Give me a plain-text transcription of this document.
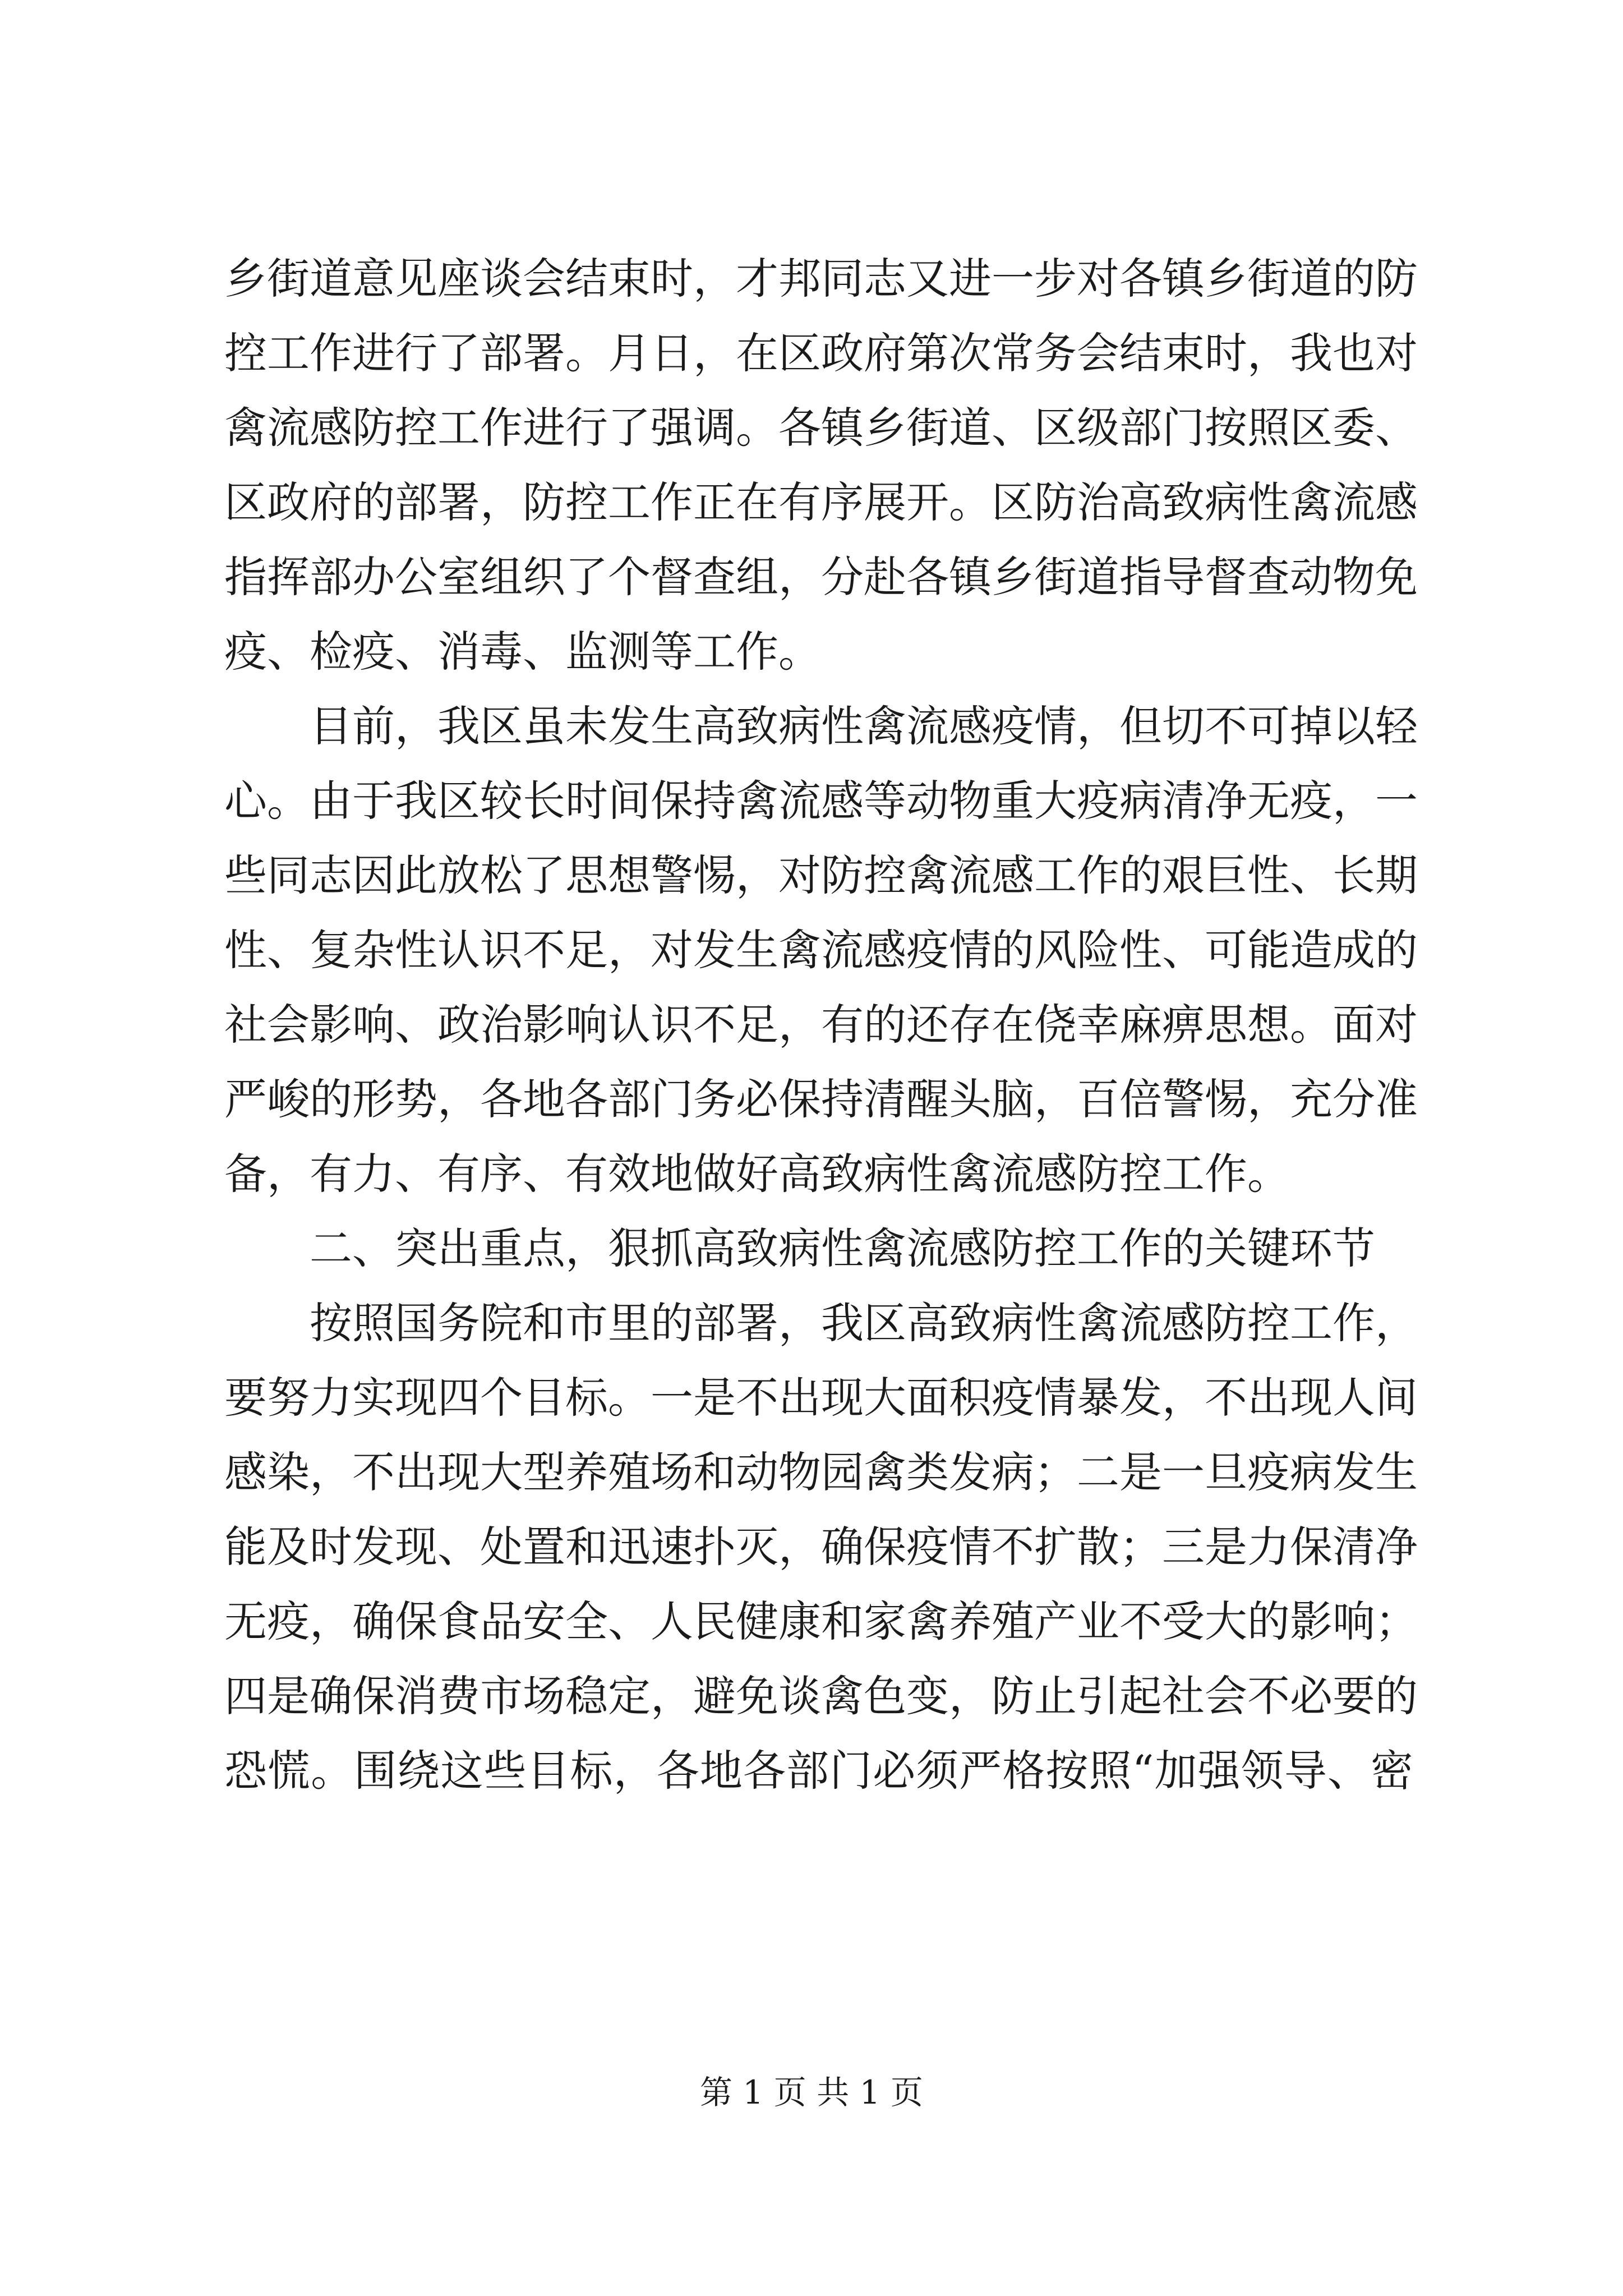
乡街道意见座谈会结束时，才邦同志又进一步对各镇乡街道的防
控工作进行了部署。月日，在区政府第次常务会结束时，我也对
禽流感防控工作进行了强调。各镇乡街道、区级部门按照区委、
区政府的部署，防控工作正在有序展开。区防治高致病性禽流感
指挥部办公室组织了个督查组，分赴各镇乡街道指导督查动物免
疫、检疫、消毒、监测等工作。
目前，我区虽未发生高致病性禽流感疫情，但切不可掉以轻
心。由于我区较长时间保持禽流感等动物重大疫病清净无疫，一
些同志因此放松了思想警惕，对防控禽流感工作的艰巨性、长期
性、复杂性认识不足，对发生禽流感疫情的风险性、可能造成的
社会影响、政治影响认识不足，有的还存在侥幸麻痹思想。面对
严峻的形势，各地各部门务必保持清醒头脑，百倍警惕，充分准
备，有力、有序、有效地做好高致病性禽流感防控工作。
二、突出重点，狠抓高致病性禽流感防控工作的关键环节
按照国务院和市里的部署，我区高致病性禽流感防控工作，
要努力实现四个目标。一是不出现大面积疫情暴发，不出现人间
感染，不出现大型养殖场和动物园禽类发病；二是一旦疫病发生
能及时发现、处置和迅速扑灭，确保疫情不扩散；三是力保清净
无疫，确保食品安全、人民健康和家禽养殖产业不受大的影响；
四是确保消费市场稳定，避免谈禽色变，防止引起社会不必要的
恐慌。围绕这些目标，各地各部门必须严格按照“加强领导、密
第 1 页 共 1 页
